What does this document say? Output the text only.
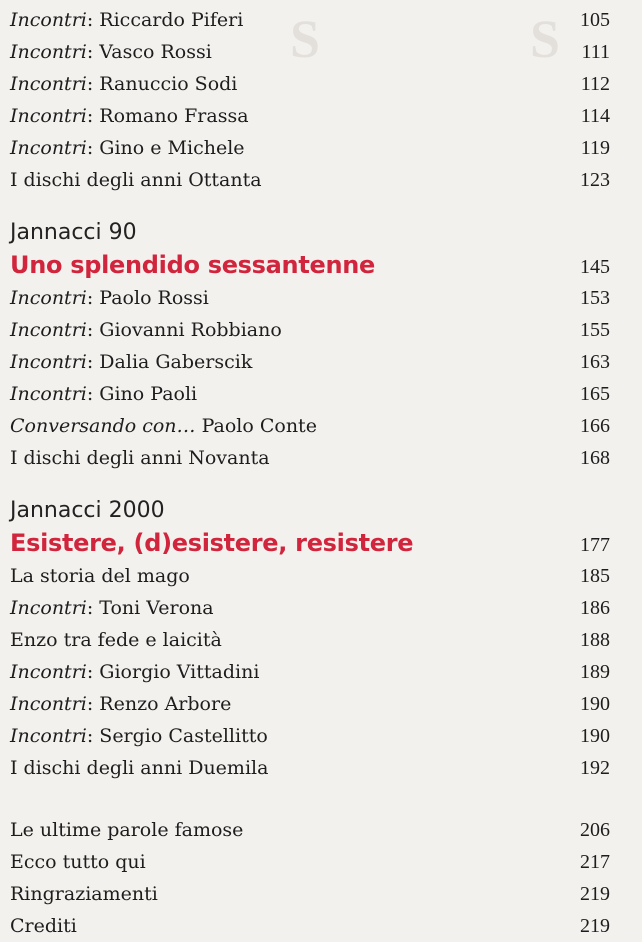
S	S
Incontri: Riccardo Piferi	105
Incontri: Vasco Rossi	111
Incontri: Ranuccio Sodi	112
Incontri: Romano Frassa	114
Incontri: Gino e Michele	119
I dischi degli anni Ottanta	123
Jannacci 90
Uno splendido sessantenne	145
Incontri: Paolo Rossi	153
Incontri: Giovanni Robbiano	155
Incontri: Dalia Gaberscik	163
Incontri: Gino Paoli	165
Conversando con… Paolo Conte	166
I dischi degli anni Novanta	168
Jannacci 2000
Esistere, (d)esistere, resistere	177
La storia del mago	185
Incontri: Toni Verona	186
Enzo tra fede e laicità	188
Incontri: Giorgio Vittadini	189
Incontri: Renzo Arbore	190
Incontri: Sergio Castellitto	190
I dischi degli anni Duemila	192
Le ultime parole famose	206
Ecco tutto qui	217
Ringraziamenti	219
Crediti	219
